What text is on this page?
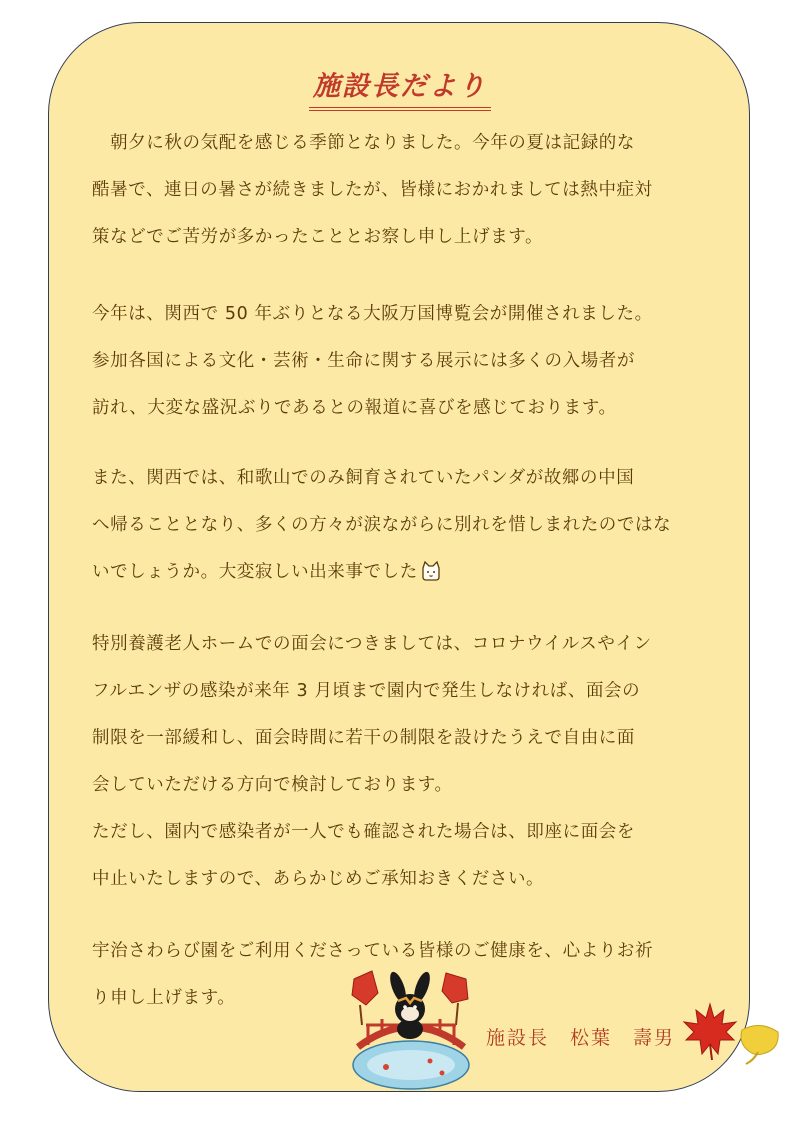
施設長だより

　朝夕に秋の気配を感じる季節となりました。今年の夏は記録的な
酷暑で、連日の暑さが続きましたが、皆様におかれましては熱中症対
策などでご苦労が多かったこととお察し申し上げます。

今年は、関西で 50 年ぶりとなる大阪万国博覧会が開催されました。
参加各国による文化・芸術・生命に関する展示には多くの入場者が
訪れ、大変な盛況ぶりであるとの報道に喜びを感じております。

また、関西では、和歌山でのみ飼育されていたパンダが故郷の中国
へ帰ることとなり、多くの方々が涙ながらに別れを惜しまれたのではな
いでしょうか。大変寂しい出来事でした

特別養護老人ホームでの面会につきましては、コロナウイルスやイン
フルエンザの感染が来年 3 月頃まで園内で発生しなければ、面会の
制限を一部緩和し、面会時間に若干の制限を設けたうえで自由に面
会していただける方向で検討しております。
ただし、園内で感染者が一人でも確認された場合は、即座に面会を
中止いたしますので、あらかじめご承知おきください。

宇治さわらび園をご利用くださっている皆様のご健康を、心よりお祈
り申し上げます。

施設長　松葉　壽男
